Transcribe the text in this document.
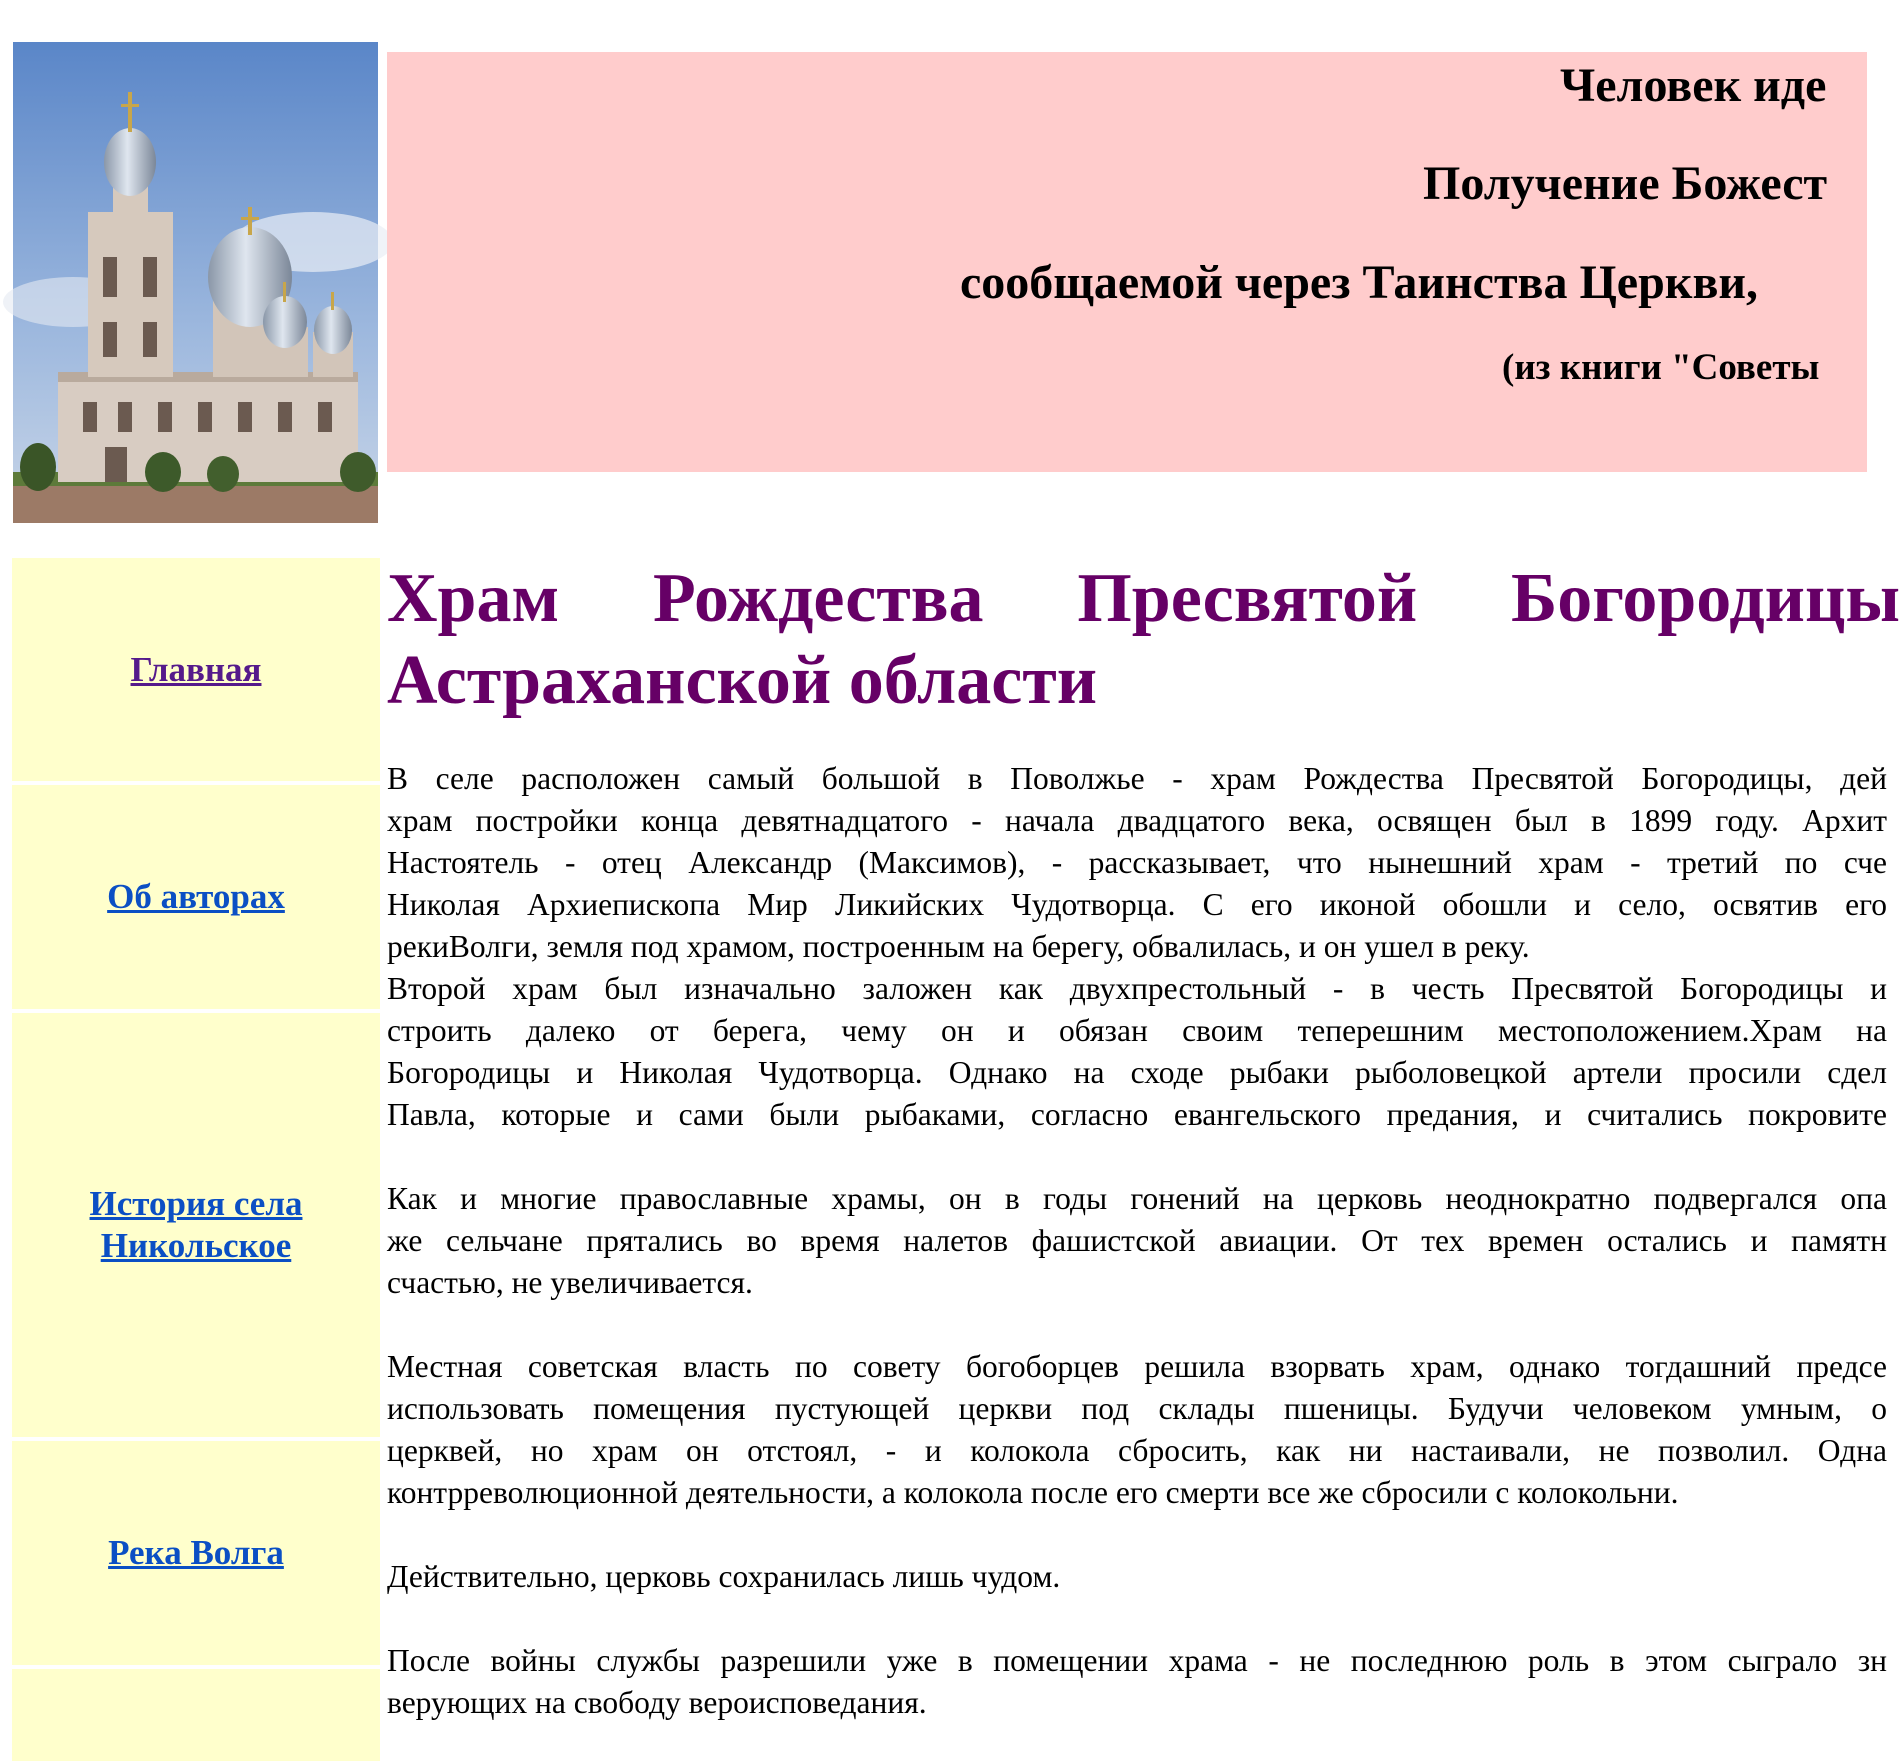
Человек иде
Получение Божест
сообщаемой через Таинства Церкви,
(из книги "Советы
Главная
Об авторах
История села
Никольское
Река Волга
Храм Рождества Пресвятой Богородицы
Астраханской области
В селе расположен самый большой в Поволжье - храм Рождества Пресвятой Богородицы, дей
храм постройки конца девятнадцатого - начала двадцатого века, освящен был в 1899 году. Архит
Настоятель - отец Александр (Максимов), - рассказывает, что нынешний храм - третий по сче
Николая Архиепископа Мир Ликийских Чудотворца. С его иконой обошли и село, освятив его
рекиВолги, земля под храмом, построенным на берегу, обвалилась, и он ушел в реку.
Второй храм был изначально заложен как двухпрестольный - в честь Пресвятой Богородицы и
строить далеко от берега, чему он и обязан своим теперешним местоположением.Храм на
Богородицы и Николая Чудотворца. Однако на сходе рыбаки рыболовецкой артели просили сдел
Павла, которые и сами были рыбаками, согласно евангельского предания, и считались покровите
Как и многие православные храмы, он в годы гонений на церковь неоднократно подвергался опа
же сельчане прятались во время налетов фашистской авиации. От тех времен остались и памятн
счастью, не увеличивается.
Местная советская власть по совету богоборцев решила взорвать храм, однако тогдашний предсе
использовать помещения пустующей церкви под склады пшеницы. Будучи человеком умным, о
церквей, но храм он отстоял, - и колокола сбросить, как ни настаивали, не позволил. Одна
контрреволюционной деятельности, а колокола после его смерти все же сбросили с колокольни.
Действительно, церковь сохранилась лишь чудом.
После войны службы разрешили уже в помещении храма - не последнюю роль в этом сыграло зн
верующих на свободу вероисповедания.
